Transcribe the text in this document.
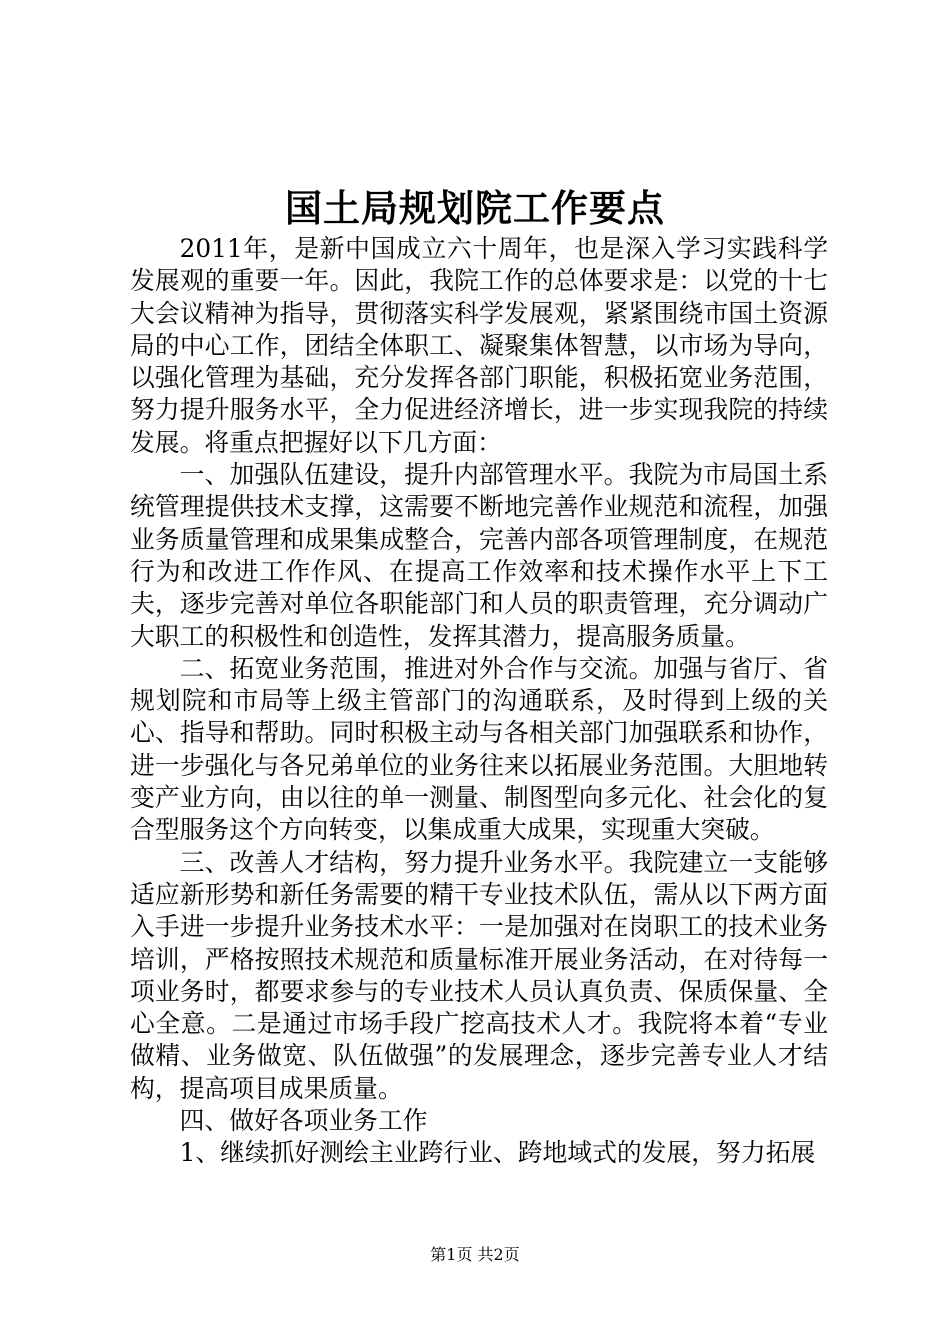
国土局规划院工作要点

2011年，是新中国成立六十周年，也是深入学习实践科学发展观的重要一年。因此，我院工作的总体要求是：以党的十七大会议精神为指导，贯彻落实科学发展观，紧紧围绕市国土资源局的中心工作，团结全体职工、凝聚集体智慧，以市场为导向，以强化管理为基础，充分发挥各部门职能，积极拓宽业务范围，努力提升服务水平，全力促进经济增长，进一步实现我院的持续发展。将重点把握好以下几方面：

一、加强队伍建设，提升内部管理水平。我院为市局国土系统管理提供技术支撑，这需要不断地完善作业规范和流程，加强业务质量管理和成果集成整合，完善内部各项管理制度，在规范行为和改进工作作风、在提高工作效率和技术操作水平上下工夫，逐步完善对单位各职能部门和人员的职责管理，充分调动广大职工的积极性和创造性，发挥其潜力，提高服务质量。

二、拓宽业务范围，推进对外合作与交流。加强与省厅、省规划院和市局等上级主管部门的沟通联系，及时得到上级的关心、指导和帮助。同时积极主动与各相关部门加强联系和协作，进一步强化与各兄弟单位的业务往来以拓展业务范围。大胆地转变产业方向，由以往的单一测量、制图型向多元化、社会化的复合型服务这个方向转变，以集成重大成果，实现重大突破。

三、改善人才结构，努力提升业务水平。我院建立一支能够适应新形势和新任务需要的精干专业技术队伍，需从以下两方面入手进一步提升业务技术水平：一是加强对在岗职工的技术业务培训，严格按照技术规范和质量标准开展业务活动，在对待每一项业务时，都要求参与的专业技术人员认真负责、保质保量、全心全意。二是通过市场手段广挖高技术人才。我院将本着“专业做精、业务做宽、队伍做强”的发展理念，逐步完善专业人才结构，提高项目成果质量。

四、做好各项业务工作

1、继续抓好测绘主业跨行业、跨地域式的发展，努力拓展

第1页 共2页
